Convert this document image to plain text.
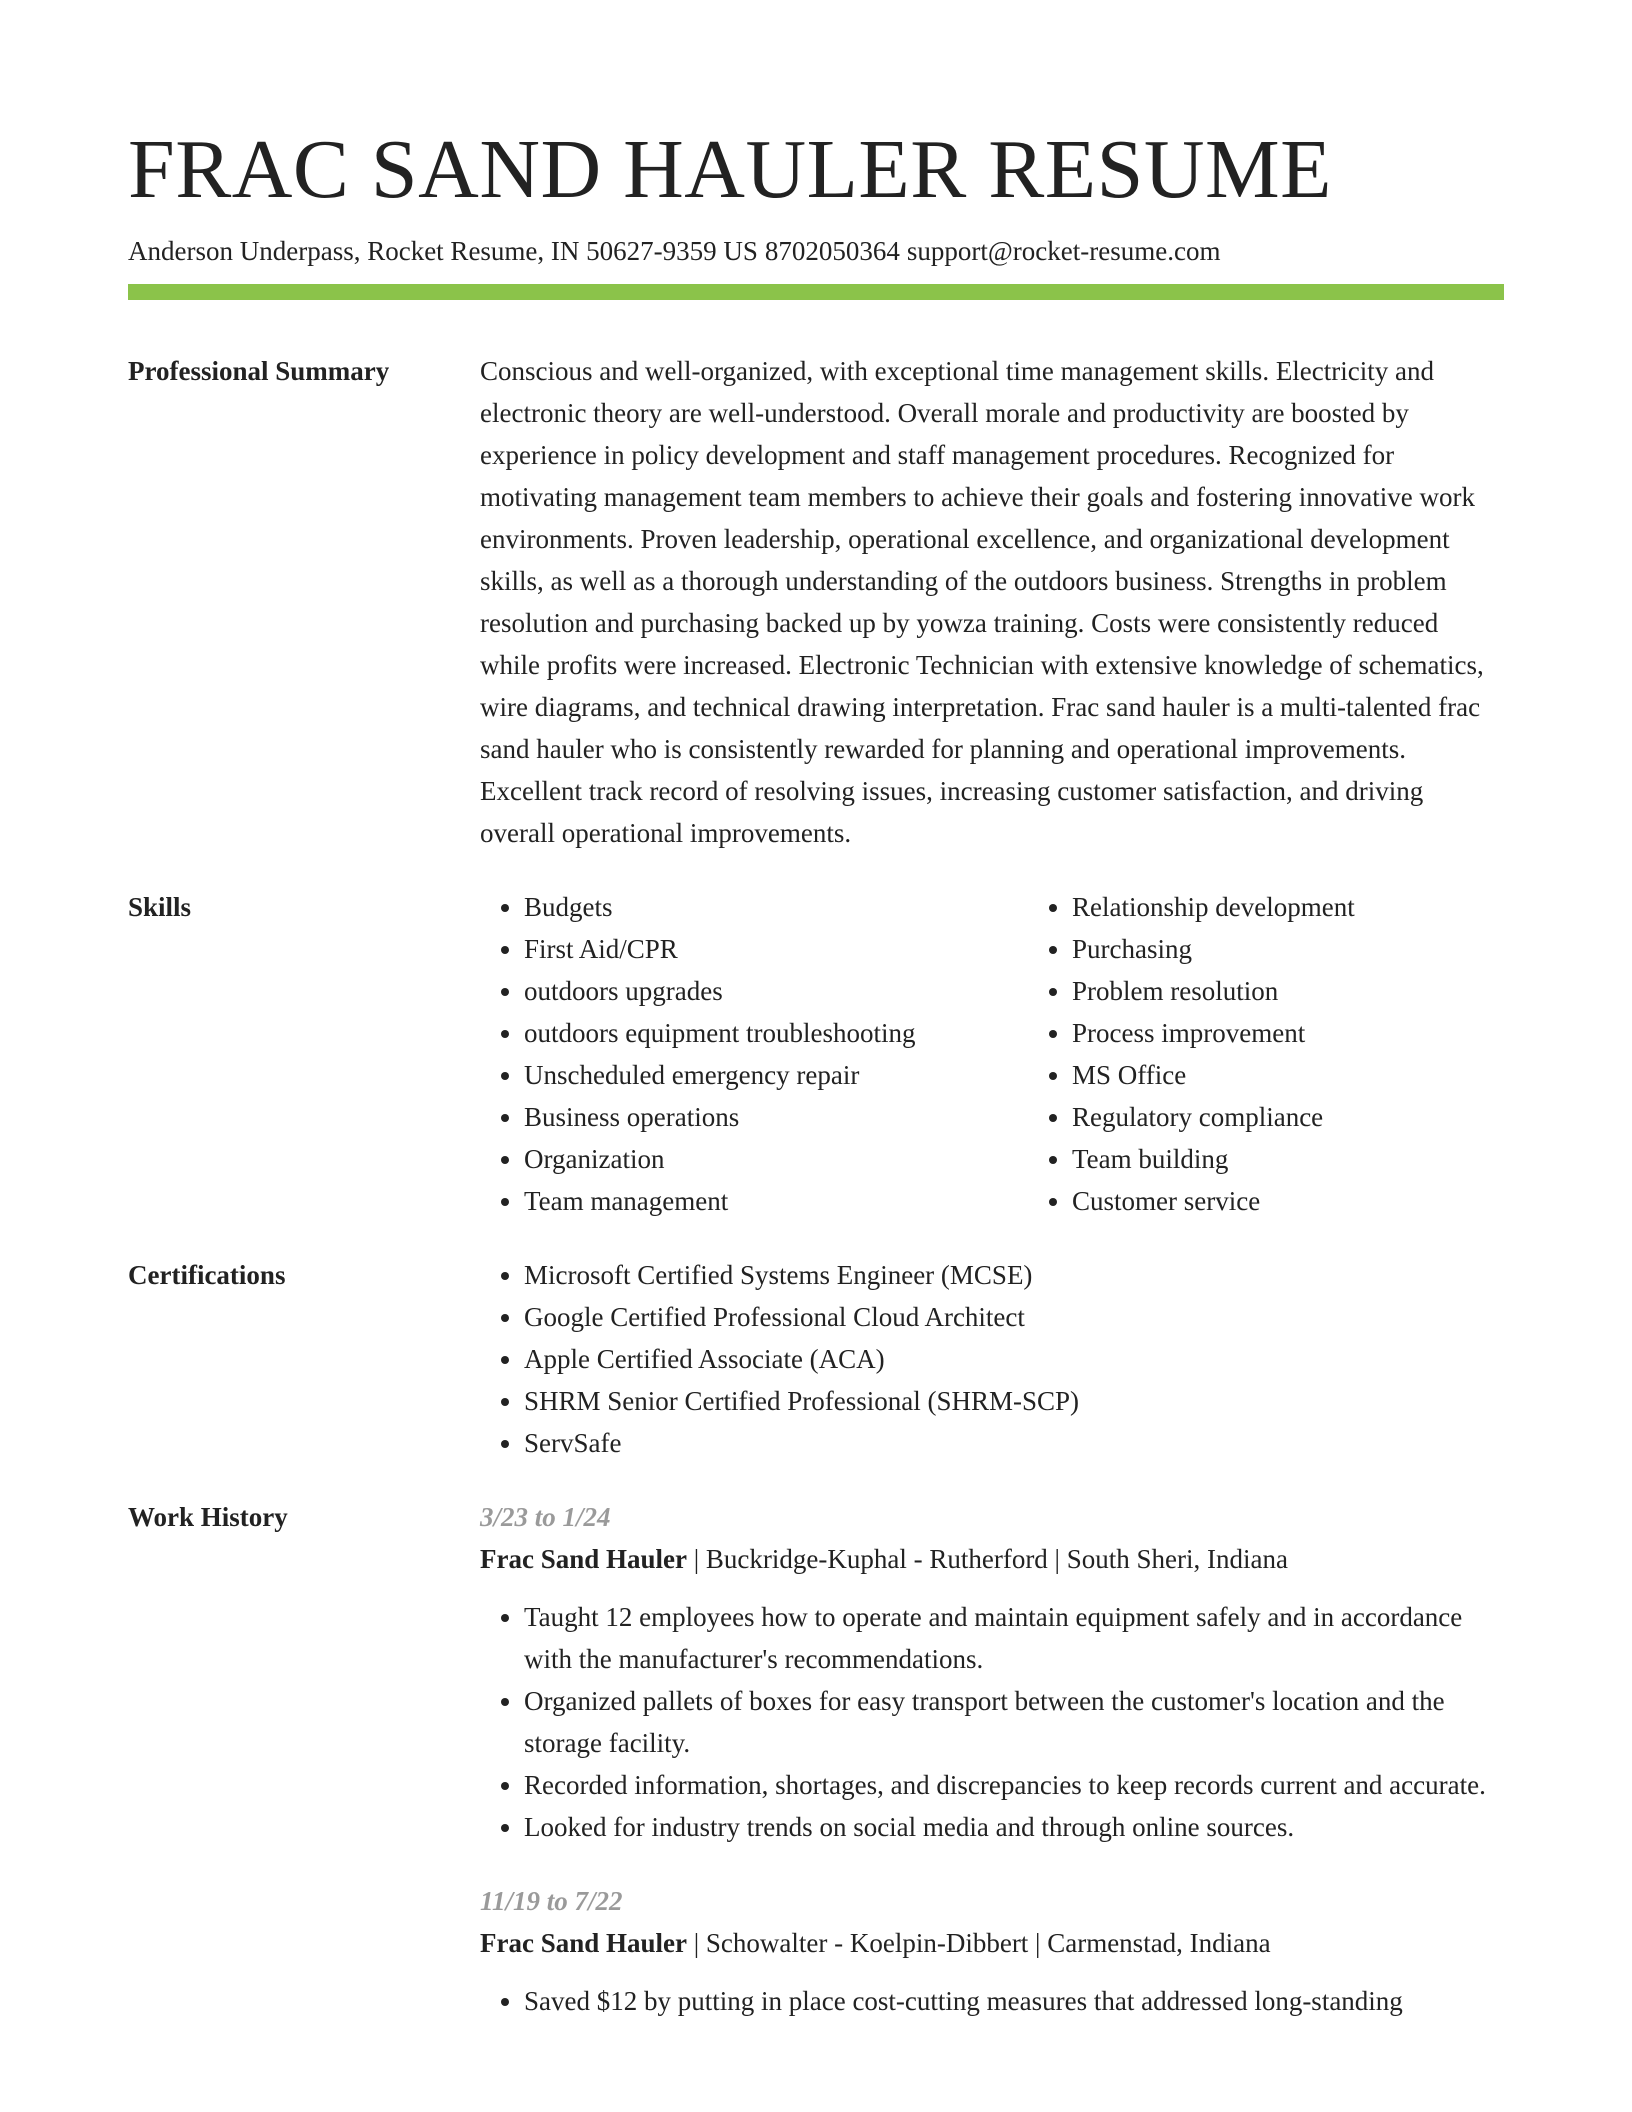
FRAC SAND HAULER RESUME
Anderson Underpass, Rocket Resume, IN 50627-9359 US 8702050364 support@rocket-resume.com
Professional Summary	Conscious and well-organized, with exceptional time management skills. Electricity and electronic theory are well-understood. Overall morale and productivity are boosted by experience in policy development and staff management procedures. Recognized for motivating management team members to achieve their goals and fostering innovative work environments. Proven leadership, operational excellence, and organizational development skills, as well as a thorough understanding of the outdoors business. Strengths in problem resolution and purchasing backed up by yowza training. Costs were consistently reduced while profits were increased. Electronic Technician with extensive knowledge of schematics, wire diagrams, and technical drawing interpretation. Frac sand hauler is a multi-talented frac sand hauler who is consistently rewarded for planning and operational improvements. Excellent track record of resolving issues, increasing customer satisfaction, and driving overall operational improvements.

Skills	• Budgets
• First Aid/CPR
• outdoors upgrades
• outdoors equipment troubleshooting
• Unscheduled emergency repair
• Business operations
• Organization
• Team management
• Relationship development
• Purchasing
• Problem resolution
• Process improvement
• MS Office
• Regulatory compliance
• Team building
• Customer service
Certifications	• Microsoft Certified Systems Engineer (MCSE)
• Google Certified Professional Cloud Architect
• Apple Certified Associate (ACA)
• SHRM Senior Certified Professional (SHRM-SCP)
• ServSafe
Work History	3/23 to 1/24
Frac Sand Hauler | Buckridge-Kuphal - Rutherford | South Sheri, Indiana
• Taught 12 employees how to operate and maintain equipment safely and in accordance with the manufacturer's recommendations.
• Organized pallets of boxes for easy transport between the customer's location and the storage facility.
• Recorded information, shortages, and discrepancies to keep records current and accurate.
• Looked for industry trends on social media and through online sources.
11/19 to 7/22
Frac Sand Hauler | Schowalter - Koelpin-Dibbert | Carmenstad, Indiana
• Saved $12 by putting in place cost-cutting measures that addressed long-standing
